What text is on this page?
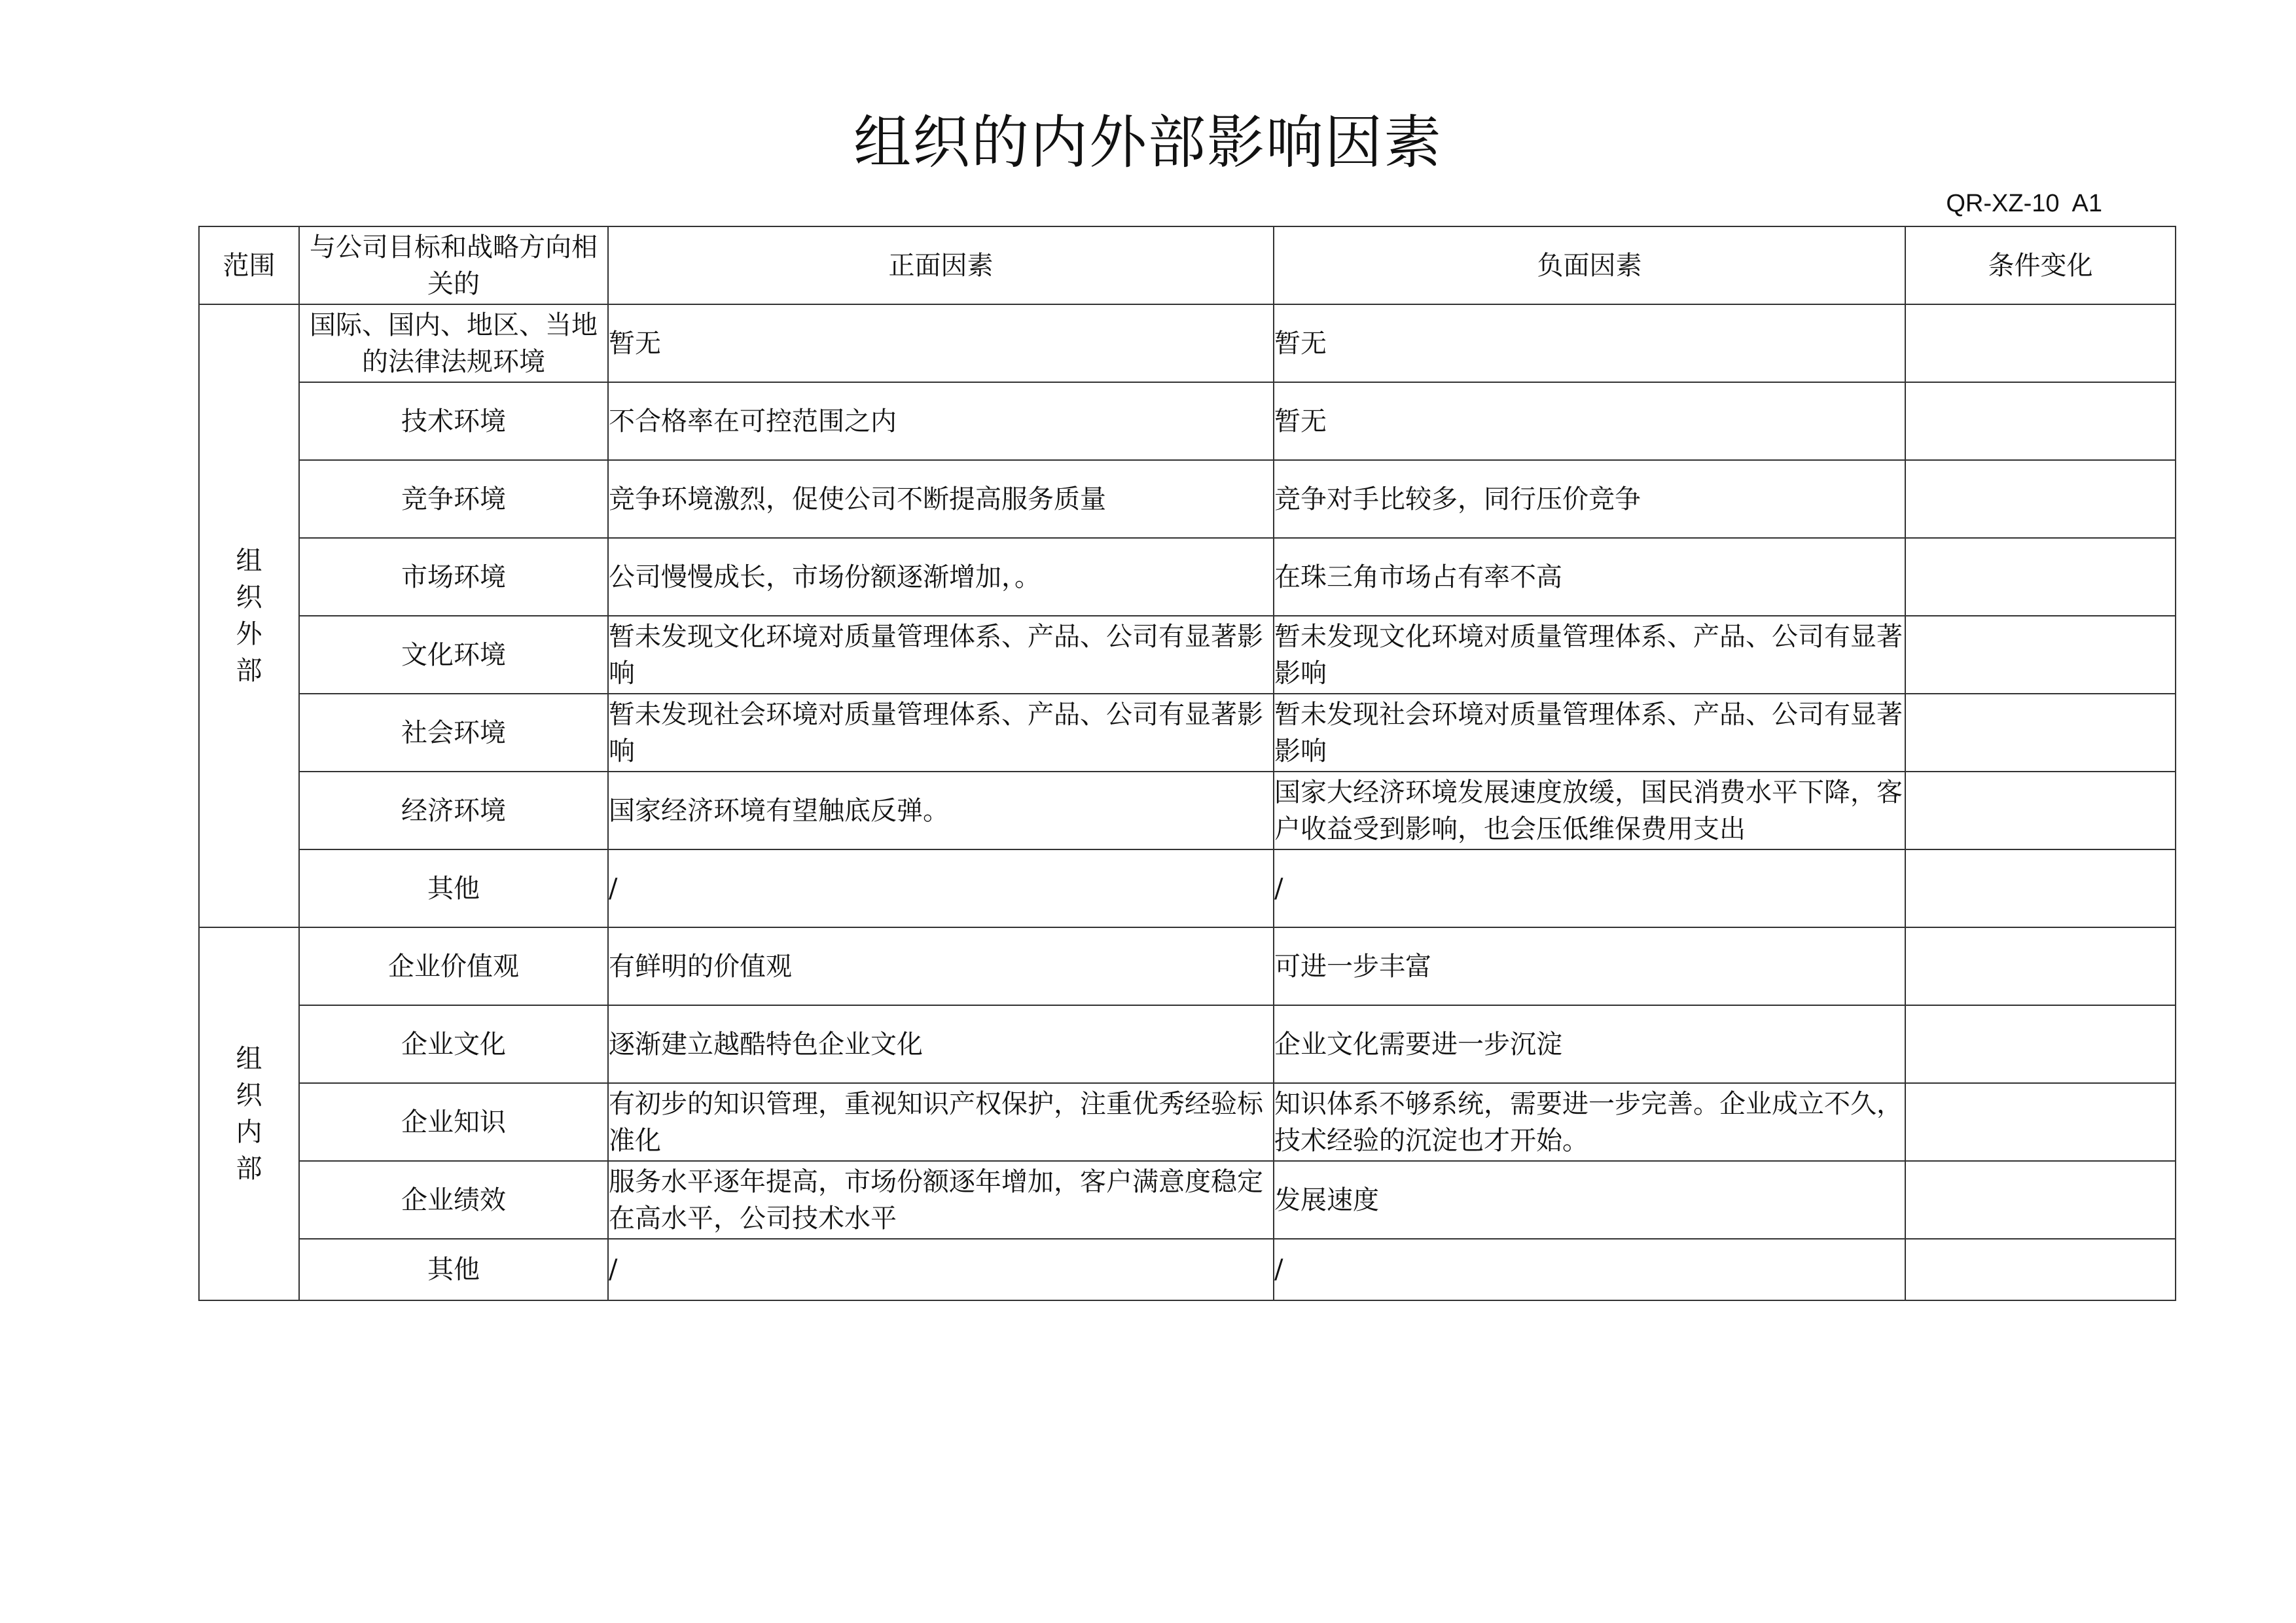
组织的内外部影响因素
QR-XZ-10  A1
范围	与公司目标和战略方向相关的	正面因素	负面因素	条件变化
组织外部	国际、国内、地区、当地的法律法规环境	暂无	暂无	
	技术环境	不合格率在可控范围之内	暂无	
	竞争环境	竞争环境激烈，促使公司不断提高服务质量	竞争对手比较多，同行压价竞争	
	市场环境	公司慢慢成长，市场份额逐渐增加，。	在珠三角市场占有率不高	
	文化环境	暂未发现文化环境对质量管理体系、产品、公司有显著影响	暂未发现文化环境对质量管理体系、产品、公司有显著影响	
	社会环境	暂未发现社会环境对质量管理体系、产品、公司有显著影响	暂未发现社会环境对质量管理体系、产品、公司有显著影响	
	经济环境	国家经济环境有望触底反弹。	国家大经济环境发展速度放缓，国民消费水平下降，客户收益受到影响，也会压低维保费用支出	
	其他	/	/	
组织内部	企业价值观	有鲜明的价值观	可进一步丰富	
	企业文化	逐渐建立越酷特色企业文化	企业文化需要进一步沉淀	
	企业知识	有初步的知识管理，重视知识产权保护，注重优秀经验标准化	知识体系不够系统，需要进一步完善。企业成立不久，技术经验的沉淀也才开始。	
	企业绩效	服务水平逐年提高，市场份额逐年增加，客户满意度稳定在高水平，公司技术水平	发展速度	
	其他	/	/	
